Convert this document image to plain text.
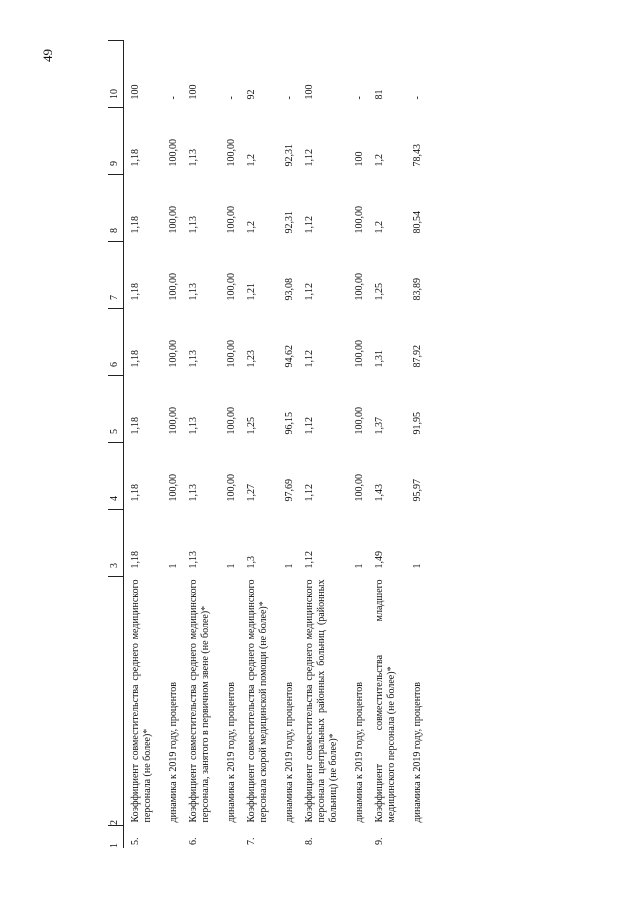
49
1	2	3	4	5	6	7	8	9	10
5.	Коэффициент совместительства среднего медицинского персонала (не более)*	1,18	1,18	1,18	1,18	1,18	1,18	1,18	100
	динамика к 2019 году, процентов	1	100,00	100,00	100,00	100,00	100,00	100,00	-
6.	Коэффициент совместительства среднего медицинского персонала, занятого в первичном звене (не более)*	1,13	1,13	1,13	1,13	1,13	1,13	1,13	100
	динамика к 2019 году, процентов	1	100,00	100,00	100,00	100,00	100,00	100,00	-
7.	Коэффициент совместительства среднего медицинского персонала скорой медицинской помощи (не более)*	1,3	1,27	1,25	1,23	1,21	1,2	1,2	92
	динамика к 2019 году, процентов	1	97,69	96,15	94,62	93,08	92,31	92,31	-
8.	Коэффициент совместительства среднего медицинского персонала центральных районных больниц (районных больниц) (не более)*	1,12	1,12	1,12	1,12	1,12	1,12	1,12	100
	динамика к 2019 году, процентов	1	100,00	100,00	100,00	100,00	100,00	100	-
9.	Коэффициент совместительства младшего медицинского персонала (не более)*	1,49	1,43	1,37	1,31	1,25	1,2	1,2	81
	динамика к 2019 году, процентов	1	95,97	91,95	87,92	83,89	80,54	78,43	-
